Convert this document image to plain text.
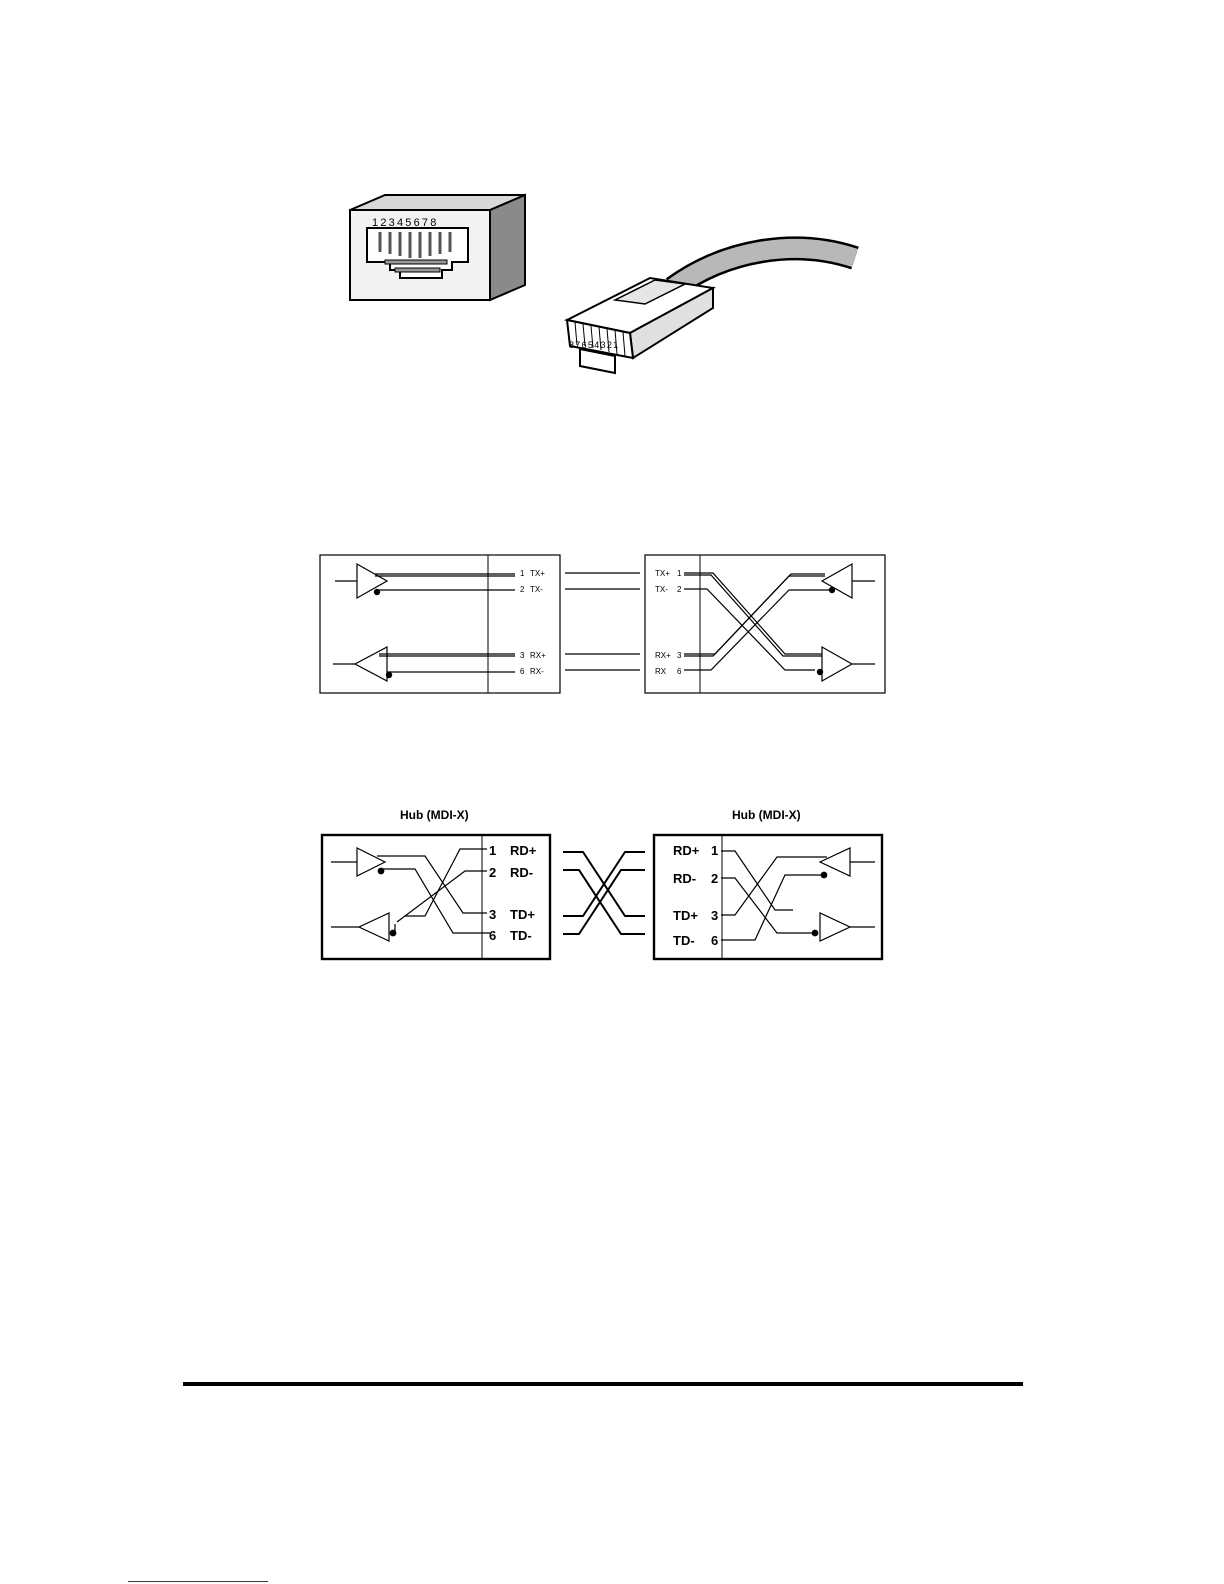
12345678
87654321
1 TX+
2 TX-
3 RX+
6 RX-
TX+ 1
TX- 2
RX+ 3
RX 6
Hub (MDI-X)	Hub (MDI-X)
1 RD+
2 RD-
3 TD+
6 TD-
RD+ 1
RD- 2
TD+ 3
TD- 6
